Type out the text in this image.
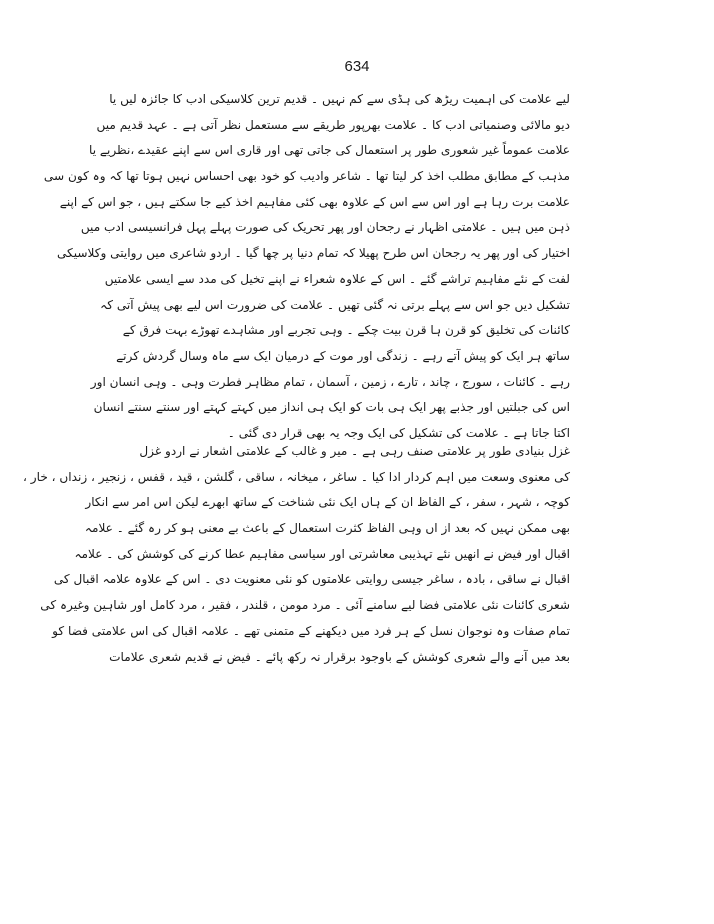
634
لیے علامت کی اہمیت ریڑھ کی ہڈی سے کم نہیں ۔ قدیم ترین کلاسیکی ادب کا جائزہ لیں یا
دیو مالائی وصنمیاتی ادب کا ۔ علامت بھرپور طریقے سے مستعمل نظر آتی ہے ۔ عہد قدیم میں
علامت عموماً غیر شعوری طور پر استعمال کی جاتی تھی اور قاری اس سے اپنے عقیدے ،نظریے یا
مذہب کے مطابق مطلب اخذ کر لیتا تھا ۔ شاعر وادیب کو خود بھی احساس نہیں ہوتا تھا کہ وہ کون سی
علامت برت رہا ہے اور اس سے اس کے علاوہ بھی کئی مفاہیم اخذ کیے جا سکتے ہیں ، جو اس کے اپنے
ذہن میں ہیں ۔ علامتی اظہار نے رجحان اور پھر تحریک کی صورت پہلے پہل فرانسیسی ادب میں
اختیار کی اور پھر یہ رجحان اس طرح پھیلا کہ تمام دنیا پر چھا گیا ۔ اردو شاعری میں روایتی وکلاسیکی
لفت کے نئے مفاہیم تراشے گئے ۔ اس کے علاوہ شعراء نے اپنے تخیل کی مدد سے ایسی علامتیں
تشکیل دیں جو اس سے پہلے برتی نہ گئی تھیں ۔ علامت کی ضرورت اس لیے بھی پیش آتی کہ
کائنات کی تخلیق کو قرن ہا قرن بیت چکے ۔ وہی تجربے اور مشاہدے تھوڑے بہت فرق کے
ساتھ ہر ایک کو پیش آتے رہے ۔ زندگی اور موت کے درمیان ایک سے ماہ وسال گردش کرتے
رہے ۔ کائنات ، سورج ، چاند ، تارے ، زمین ، آسمان ، تمام مظاہر فطرت وہی ۔ وہی انسان اور
اس کی جبلتیں اور جذبے پھر ایک ہی بات کو ایک ہی انداز میں کہتے کہتے اور سنتے سنتے انسان
اکتا جاتا ہے ۔ علامت کی تشکیل کی ایک وجہ یہ بھی قرار دی گئی ۔
غزل بنیادی طور پر علامتی صنف رہی ہے ۔ میر و غالب کے علامتی اشعار نے اردو غزل
کی معنوی وسعت میں اہم کردار ادا کیا ۔ ساغر ، میخانہ ، ساقی ، گلشن ، قید ، قفس ، زنجیر ، زنداں ، خار ،
کوچہ ، شہر ، سفر ، کے الفاظ ان کے ہاں ایک نئی شناخت کے ساتھ ابھرے لیکن اس امر سے انکار
بھی ممکن نہیں کہ بعد از اں وہی الفاظ کثرت استعمال کے باعث بے معنی ہو کر رہ گئے ۔ علامہ
اقبال اور فیض نے انھیں نئے تہذیبی معاشرتی اور سیاسی مفاہیم عطا کرنے کی کوشش کی ۔ علامہ
اقبال نے ساقی ، بادہ ، ساغر جیسی روایتی علامتوں کو نئی معنویت دی ۔ اس کے علاوہ علامہ اقبال کی
شعری کائنات نئی علامتی فضا لیے سامنے آئی ۔ مرد مومن ، قلندر ، فقیر ، مرد کامل اور شاہین وغیرہ کی
تمام صفات وہ نوجوان نسل کے ہر فرد میں دیکھنے کے متمنی تھے ۔ علامہ اقبال کی اس علامتی فضا کو
بعد میں آنے والے شعری کوشش کے باوجود برقرار نہ رکھ پائے ۔ فیض نے قدیم شعری علامات
